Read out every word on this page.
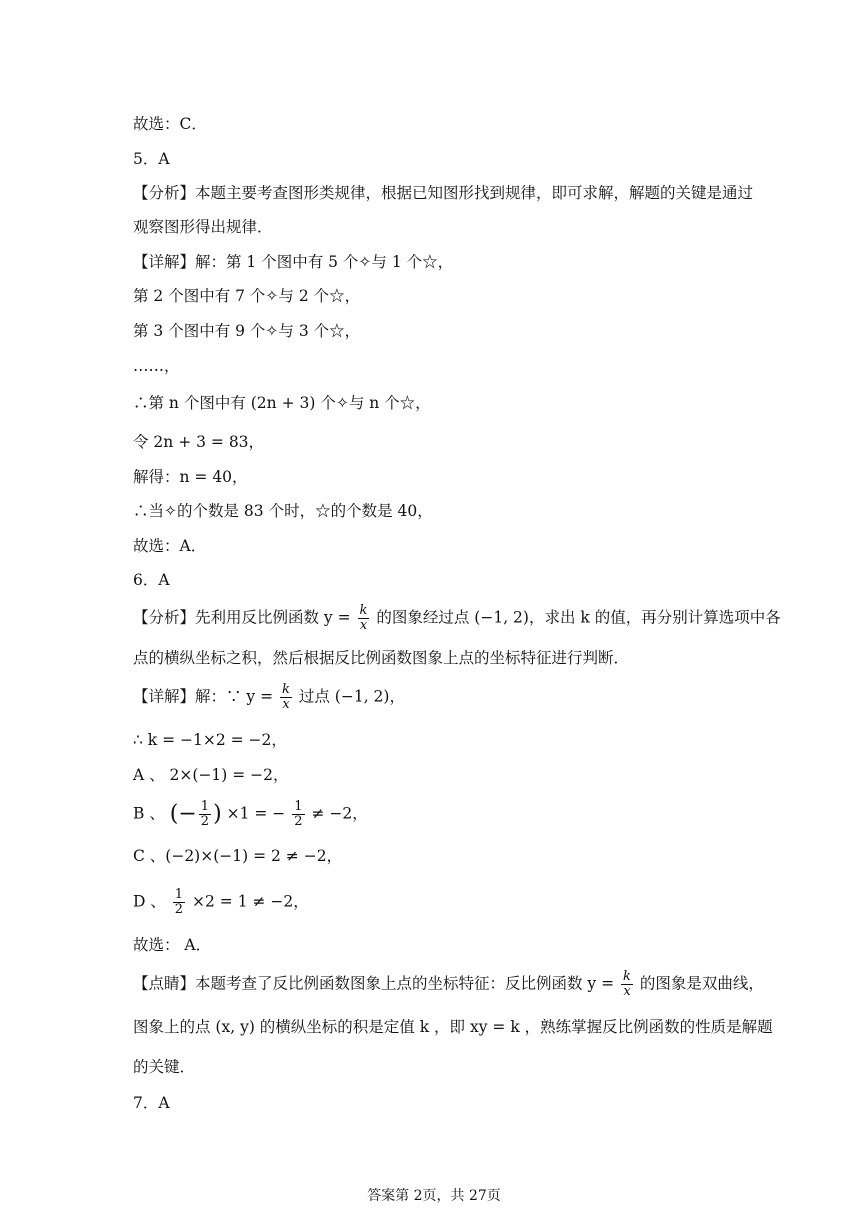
故选：C．
5．A
【分析】本题主要考查图形类规律，根据已知图形找到规律，即可求解，解题的关键是通过
观察图形得出规律．
【详解】解：第 1 个图中有 5 个✧与 1 个☆，
第 2 个图中有 7 个✧与 2 个☆，
第 3 个图中有 9 个✧与 3 个☆，
……，
∴第 n 个图中有 (2n + 3) 个✧与 n 个☆，
令 2n + 3 = 83，
解得：n = 40，
∴当✧的个数是 83 个时，☆的个数是 40，
故选：A．
6．A
【分析】先利用反比例函数 $y = \frac{k}{x}$ 的图象经过点 (−1, 2)，求出 k 的值，再分别计算选项中各
点的横纵坐标之积，然后根据反比例函数图象上点的坐标特征进行判断．
【详解】解：∵ $y = \frac{k}{x}$ 过点 (−1, 2)，
∴ k = −1×2 = −2，
A 、 2×(−1) = −2，
B 、 (− $\frac{1}{2}$ ) ×1 = − $\frac{1}{2} \ne -2$，
C 、(−2)×(−1) = 2 ≠ −2，
D 、 $\frac{1}{2} \times 2 = 1 \ne -2$，
故选： A．
【点睛】本题考查了反比例函数图象上点的坐标特征：反比例函数 $y = \frac{k}{x}$ 的图象是双曲线，
图象上的点 (x, y) 的横纵坐标的积是定值 k ，即 xy = k ，熟练掌握反比例函数的性质是解题
的关键．
7．A
答案第 2页，共 27页
